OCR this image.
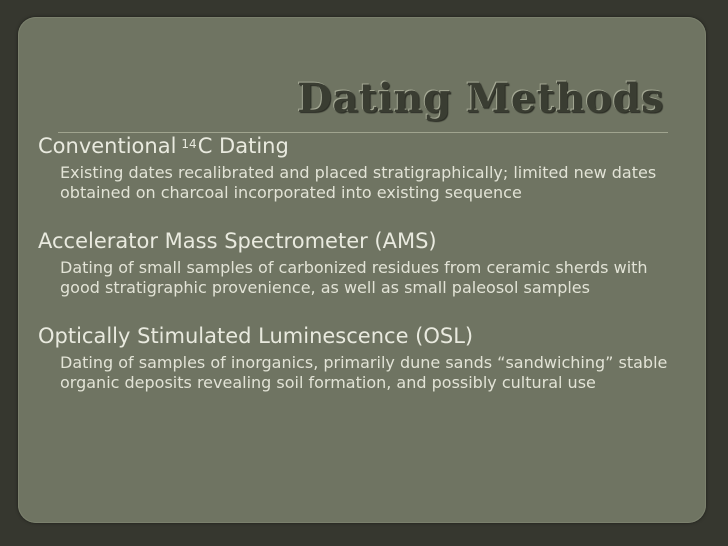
Dating Methods

Conventional $^{14}$C Dating

Existing dates recalibrated and placed stratigraphically; limited new dates obtained on charcoal incorporated into existing sequence

Accelerator Mass Spectrometer (AMS)

Dating of small samples of carbonized residues from ceramic sherds with good stratigraphic provenience, as well as small paleosol samples

Optically Stimulated Luminescence (OSL)

Dating of samples of inorganics, primarily dune sands “sandwiching” stable organic deposits revealing soil formation, and possibly cultural use
